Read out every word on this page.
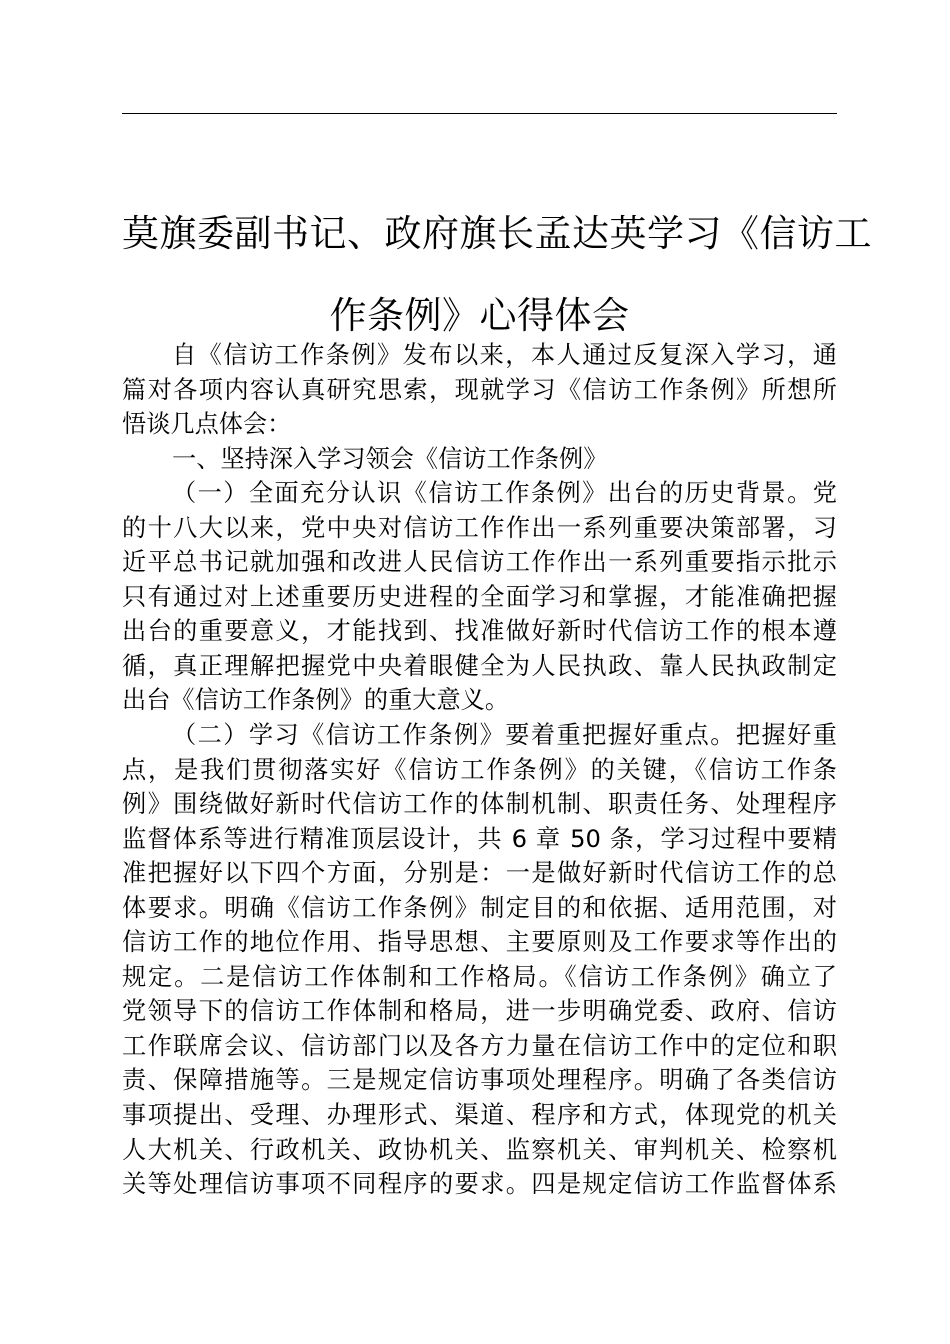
莫旗委副书记、政府旗长孟达英学习《信访工
作条例》心得体会
自《信访工作条例》发布以来，本人通过反复深入学习，通
篇对各项内容认真研究思索，现就学习《信访工作条例》所想所
悟谈几点体会：
一、坚持深入学习领会《信访工作条例》
（一）全面充分认识《信访工作条例》出台的历史背景。党
的十八大以来，党中央对信访工作作出一系列重要决策部署，习
近平总书记就加强和改进人民信访工作作出一系列重要指示批示
只有通过对上述重要历史进程的全面学习和掌握，才能准确把握
出台的重要意义，才能找到、找准做好新时代信访工作的根本遵
循，真正理解把握党中央着眼健全为人民执政、靠人民执政制定
出台《信访工作条例》的重大意义。
（二）学习《信访工作条例》要着重把握好重点。把握好重
点，是我们贯彻落实好《信访工作条例》的关键，《信访工作条
例》围绕做好新时代信访工作的体制机制、职责任务、处理程序
监督体系等进行精准顶层设计，共 6 章 50 条，学习过程中要精
准把握好以下四个方面，分别是：一是做好新时代信访工作的总
体要求。明确《信访工作条例》制定目的和依据、适用范围，对
信访工作的地位作用、指导思想、主要原则及工作要求等作出的
规定。二是信访工作体制和工作格局。《信访工作条例》确立了
党领导下的信访工作体制和格局，进一步明确党委、政府、信访
工作联席会议、信访部门以及各方力量在信访工作中的定位和职
责、保障措施等。三是规定信访事项处理程序。明确了各类信访
事项提出、受理、办理形式、渠道、程序和方式，体现党的机关
人大机关、行政机关、政协机关、监察机关、审判机关、检察机
关等处理信访事项不同程序的要求。四是规定信访工作监督体系
